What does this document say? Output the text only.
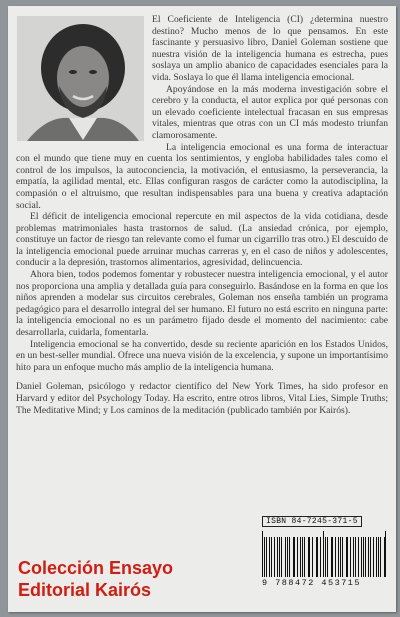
El Coeficiente de Inteligencia (CI) ¿determina nuestro destino? Mucho menos de lo que pensamos. En este fascinante y persuasivo libro, Daniel Goleman sostiene que nuestra visión de la inteligencia humana es estrecha, pues soslaya un amplio abanico de capacidades esenciales para la vida. Soslaya lo que él llama inteligencia emocional.

Apoyándose en la más moderna investigación sobre el cerebro y la conducta, el autor explica por qué personas con un elevado coeficiente intelectual fracasan en sus empresas vitales, mientras que otras con un CI más modesto triunfan clamorosamente.

La inteligencia emocional es una forma de interactuar con el mundo que tiene muy en cuenta los sentimientos, y engloba habilidades tales como el control de los impulsos, la autoconciencia, la motivación, el entusiasmo, la perseverancia, la empatía, la agilidad mental, etc. Ellas configuran rasgos de carácter como la autodisciplina, la compasión o el altruismo, que resultan indispensables para una buena y creativa adaptación social.

El déficit de inteligencia emocional repercute en mil aspectos de la vida cotidiana, desde problemas matrimoniales hasta trastornos de salud. (La ansiedad crónica, por ejemplo, constituye un factor de riesgo tan relevante como el fumar un cigarrillo tras otro.) El descuido de la inteligencia emocional puede arruinar muchas carreras y, en el caso de niños y adolescentes, conducir a la depresión, trastornos alimentarios, agresividad, delincuencia.

Ahora bien, todos podemos fomentar y robustecer nuestra inteligencia emocional, y el autor nos proporciona una amplia y detallada guía para conseguirlo. Basándose en la forma en que los niños aprenden a modelar sus circuitos cerebrales, Goleman nos enseña también un programa pedagógico para el desarrollo integral del ser humano. El futuro no está escrito en ninguna parte: la inteligencia emocional no es un parámetro fijado desde el momento del nacimiento: cabe desarrollarla, cuidarla, fomentarla.

Inteligencia emocional se ha convertido, desde su reciente aparición en los Estados Unidos, en un best-seller mundial. Ofrece una nueva visión de la excelencia, y supone un importantísimo hito para un enfoque mucho más amplio de la inteligencia humana.

Daniel Goleman, psicólogo y redactor científico del New York Times, ha sido profesor en Harvard y editor del Psychology Today. Ha escrito, entre otros libros, Vital Lies, Simple Truths; The Meditative Mind; y Los caminos de la meditación (publicado también por Kairós).

ISBN 84-7245-371-5
9 788472 453715
Colección Ensayo
Editorial Kairós
